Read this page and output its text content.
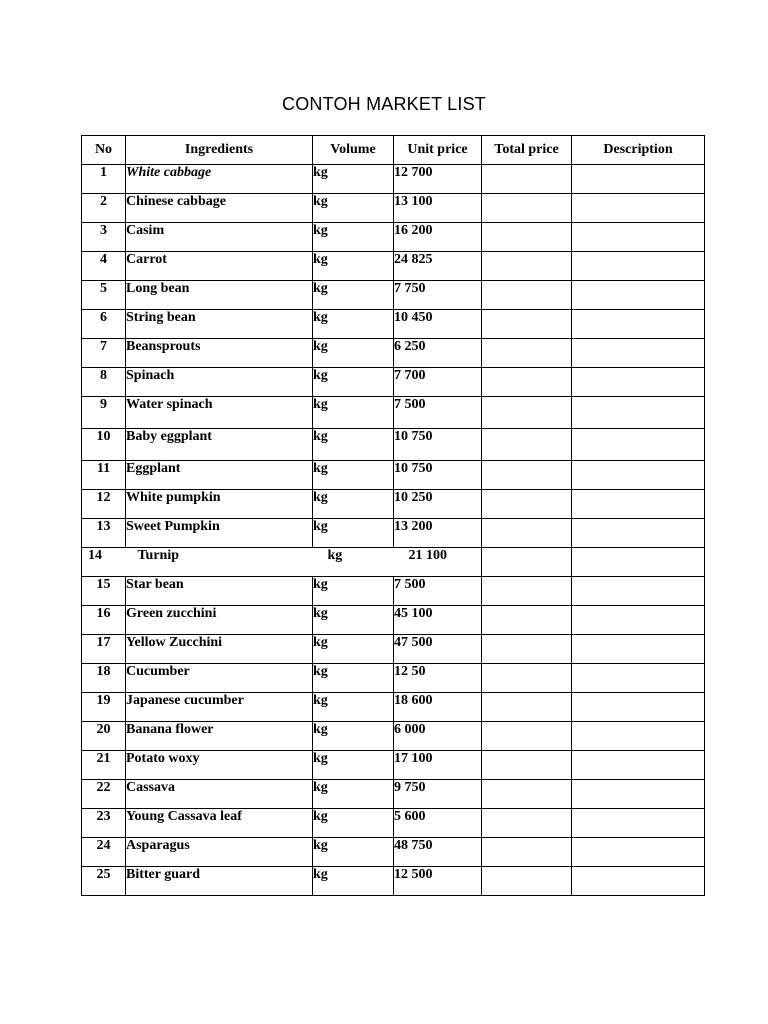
CONTOH MARKET LIST
No	Ingredients	Volume	Unit price	Total price	Description
1	White cabbage	kg	12 700		
2	Chinese cabbage	kg	13 100		
3	Casim	kg	16 200		
4	Carrot	kg	24 825		
5	Long bean	kg	7 750		
6	String bean	kg	10 450		
7	Beansprouts	kg	6 250		
8	Spinach	kg	7 700		
9	Water spinach	kg	7 500		
10	Baby eggplant	kg	10 750		
11	Eggplant	kg	10 750		
12	White pumpkin	kg	10 250		
13	Sweet Pumpkin	kg	13 200		
14	Turnip	kg	21 100		
15	Star bean	kg	7 500		
16	Green zucchini	kg	45 100		
17	Yellow Zucchini	kg	47 500		
18	Cucumber	kg	12 50		
19	Japanese cucumber	kg	18 600		
20	Banana flower	kg	6 000		
21	Potato woxy	kg	17 100		
22	Cassava	kg	9 750		
23	Young Cassava leaf	kg	5 600		
24	Asparagus	kg	48 750		
25	Bitter guard	kg	12 500		
